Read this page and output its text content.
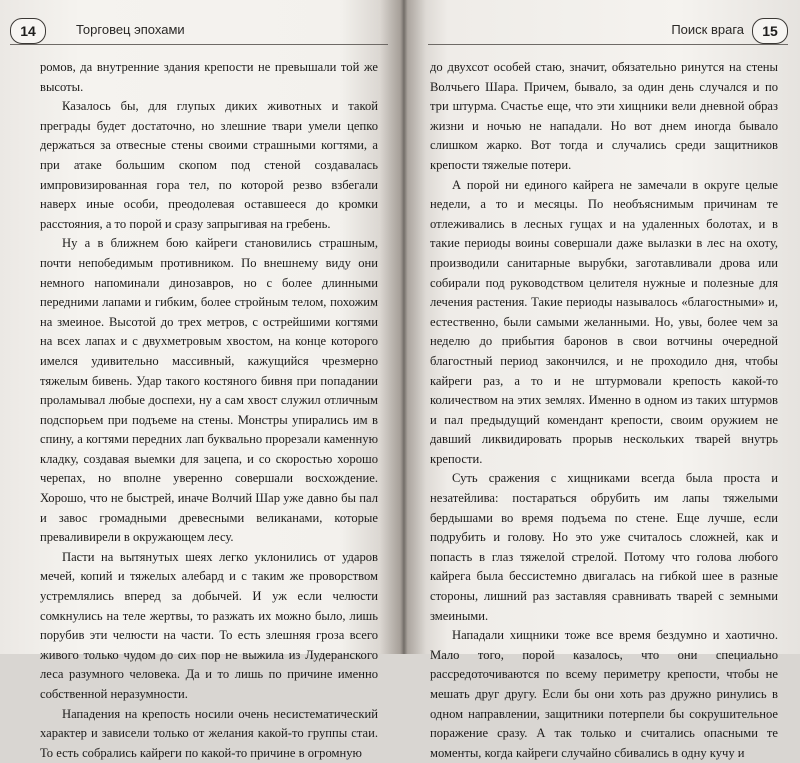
14	Торговец эпохами

ромов, да внутренние здания крепости не превышали той же высоты.

Казалось бы, для глупых диких животных и такой преграды будет достаточно, но злешние твари умели цепко держаться за отвесные стены своими страшными когтями, а при атаке большим скопом под стеной создавалась импровизированная гора тел, по которой резво взбегали наверх иные особи, преодолевая оставшееся до кромки расстояния, а то порой и сразу запрыгивая на гребень.

Ну а в ближнем бою кайреги становились страшным, почти непобедимым противником. По внешнему виду они немного напоминали динозавров, но с более длинными передними лапами и гибким, более стройным телом, похожим на змеиное. Высотой до трех метров, с острейшими когтями на всех лапах и с двухметровым хвостом, на конце которого имелся удивительно массивный, кажущийся чрезмерно тяжелым бивень. Удар такого костяного бивня при попадании проламывал любые доспехи, ну а сам хвост служил отличным подспорьем при подъеме на стены. Монстры упирались им в спину, а когтями передних лап буквально прорезали каменную кладку, создавая выемки для зацепа, и со скоростью хорошо черепах, но вполне уверенно совершали восхождение. Хорошо, что не быстрей, иначе Волчий Шар уже давно бы пал и завос громадными древесными великанами, которые преваливирели в окружающем лесу.

Пасти на вытянутых шеях легко уклонились от ударов мечей, копий и тяжелых алебард и с таким же проворством устремлялись вперед за добычей. И уж если челюсти сомкнулись на теле жертвы, то разжать их можно было, лишь порубив эти челюсти на части. То есть злешняя гроза всего живого только чудом до сих пор не выжила из Лудеранского леса разумного человека. Да и то лишь по причине именно собственной неразумности.

Нападения на крепость носили очень несистематический характер и зависели только от желания какой-то группы стаи. То есть собрались кайреги по какой-то причине в огромную

Поиск врага	15

до двухсот особей стаю, значит, обязательно ринутся на стены Волчьего Шара. Причем, бывало, за один день случался и по три штурма. Счастье еще, что эти хищники вели дневной образ жизни и ночью не нападали. Но вот днем иногда бывало слишком жарко. Вот тогда и случались среди защитников крепости тяжелые потери.

А порой ни единого кайрега не замечали в округе целые недели, а то и месяцы. По необъяснимым причинам те отлеживались в лесных гущах и на удаленных болотах, и в такие периоды воины совершали даже вылазки в лес на охоту, производили санитарные вырубки, заготавливали дрова или собирали под руководством целителя нужные и полезные для лечения растения. Такие периоды называлось «благостными» и, естественно, были самыми желанными. Но, увы, более чем за неделю до прибытия баронов в свои вотчины очередной благостный период закончился, и не проходило дня, чтобы кайреги раз, а то и не штурмовали крепость какой-то количеством на этих землях. Именно в одном из таких штурмов и пал предыдущий комендант крепости, своим оружием не давший ликвидировать прорыв нескольких тварей внутрь крепости.

Суть сражения с хищниками всегда была проста и незатейлива: постараться обрубить им лапы тяжелыми бердышами во время подъема по стене. Еще лучше, если подрубить и голову. Но это уже считалось сложней, как и попасть в глаз тяжелой стрелой. Потому что голова любого кайрега была бессистемно двигалась на гибкой шее в разные стороны, лишний раз заставляя сравнивать тварей с земными змеиными.

Нападали хищники тоже все время бездумно и хаотично. Мало того, порой казалось, что они специально рассредоточиваются по всему периметру крепости, чтобы не мешать друг другу. Если бы они хоть раз дружно ринулись в одном направлении, защитники потерпели бы сокрушительное поражение сразу. А так только и считались опасными те моменты, когда кайреги случайно сбивались в одну кучу и
